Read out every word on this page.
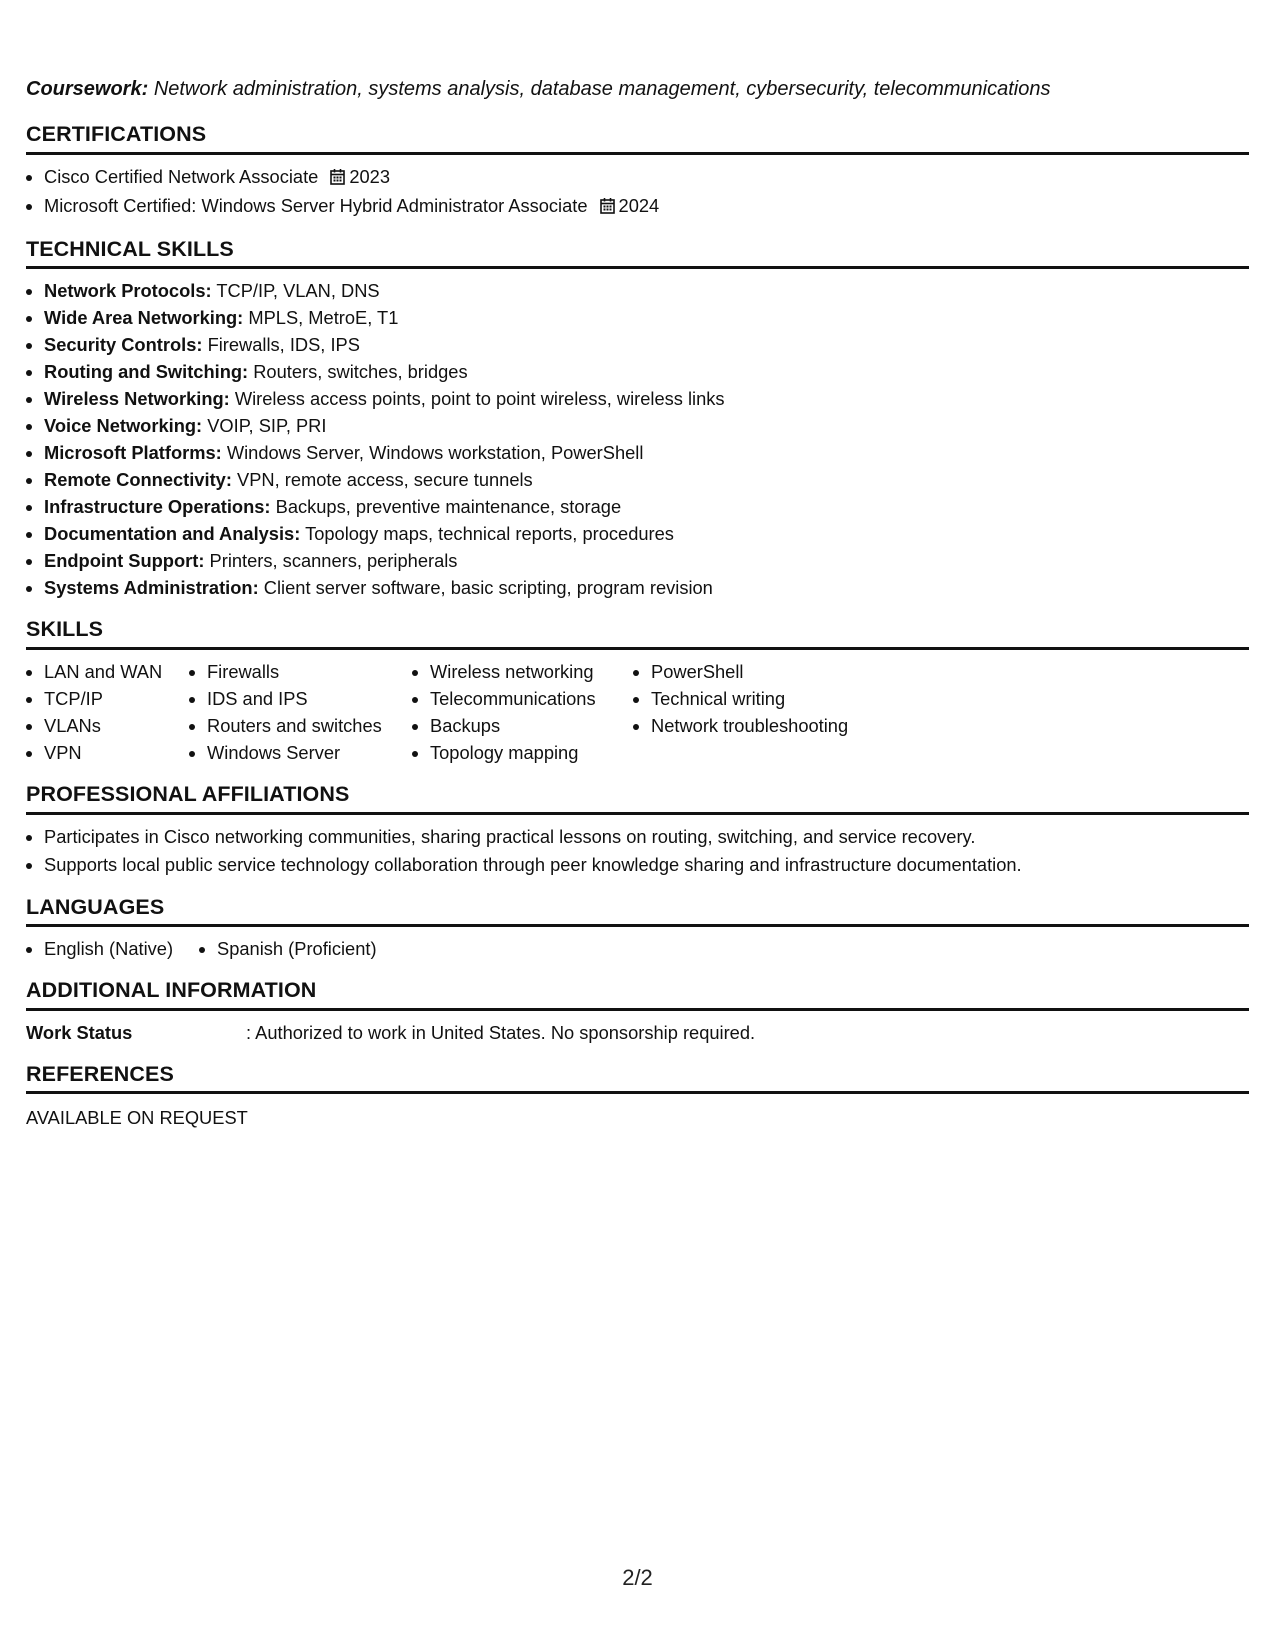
Coursework: Network administration, systems analysis, database management, cybersecurity, telecommunications

CERTIFICATIONS
• Cisco Certified Network Associate 2023
• Microsoft Certified: Windows Server Hybrid Administrator Associate 2024
TECHNICAL SKILLS
• Network Protocols: TCP/IP, VLAN, DNS
• Wide Area Networking: MPLS, MetroE, T1
• Security Controls: Firewalls, IDS, IPS
• Routing and Switching: Routers, switches, bridges
• Wireless Networking: Wireless access points, point to point wireless, wireless links
• Voice Networking: VOIP, SIP, PRI
• Microsoft Platforms: Windows Server, Windows workstation, PowerShell
• Remote Connectivity: VPN, remote access, secure tunnels
• Infrastructure Operations: Backups, preventive maintenance, storage
• Documentation and Analysis: Topology maps, technical reports, procedures
• Endpoint Support: Printers, scanners, peripherals
• Systems Administration: Client server software, basic scripting, program revision
SKILLS
• LAN and WAN
• TCP/IP
• VLANs
• VPN
• Firewalls
• IDS and IPS
• Routers and switches
• Windows Server
• Wireless networking
• Telecommunications
• Backups
• Topology mapping
• PowerShell
• Technical writing
• Network troubleshooting
PROFESSIONAL AFFILIATIONS
• Participates in Cisco networking communities, sharing practical lessons on routing, switching, and service recovery.
• Supports local public service technology collaboration through peer knowledge sharing and infrastructure documentation.
LANGUAGES
• English (Native)
• Spanish (Proficient)
ADDITIONAL INFORMATION
Work Status	: Authorized to work in United States. No sponsorship required.
REFERENCES

AVAILABLE ON REQUEST

2/2
